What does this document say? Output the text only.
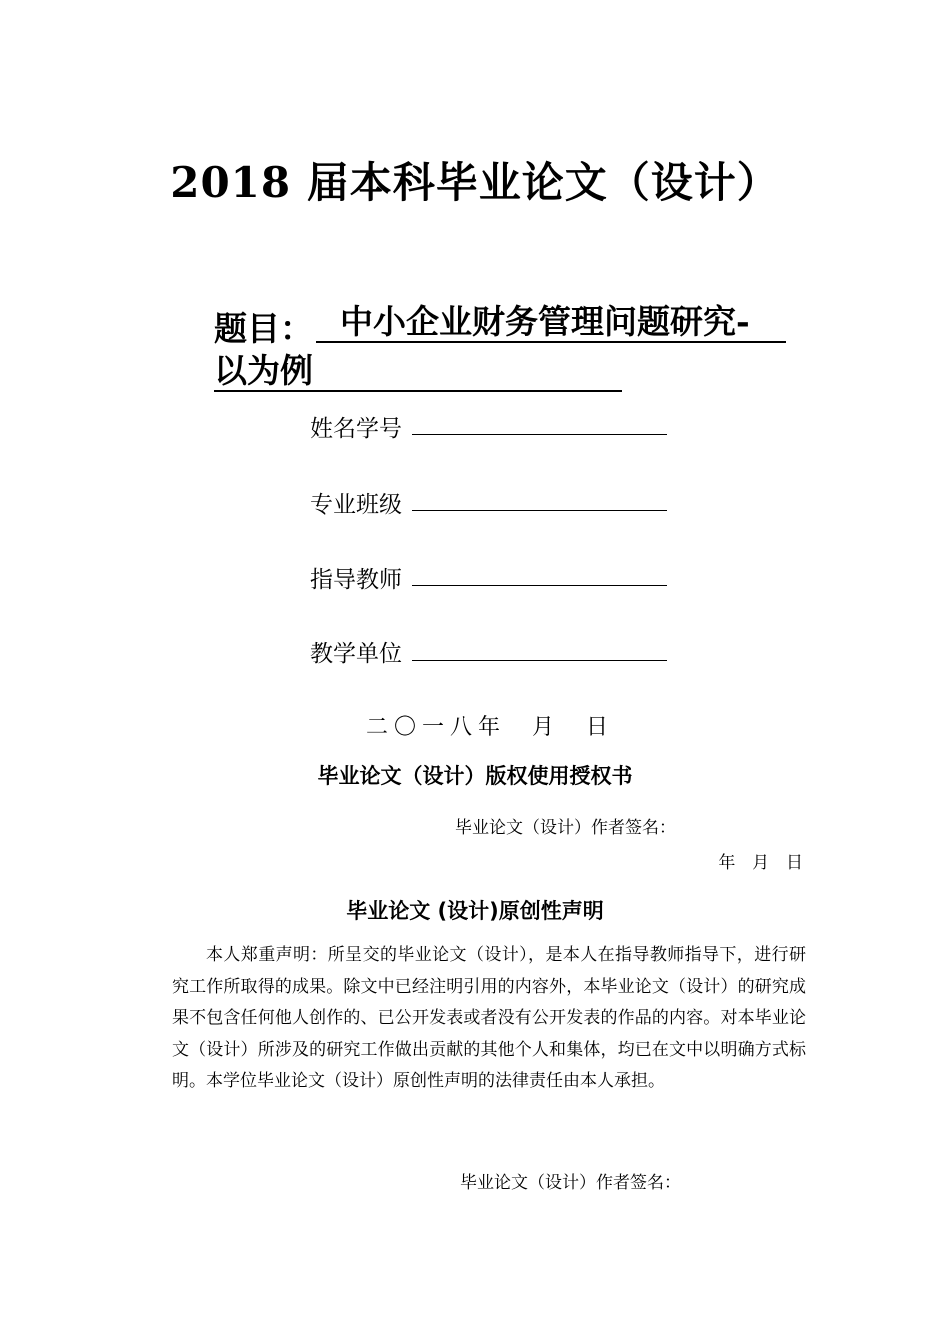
2018 届本科毕业论文（设计）
题目： 中小企业财务管理问题研究-
以为例
姓名学号
专业班级
指导教师
教学单位
二〇一八年  月  日
毕业论文（设计）版权使用授权书
毕业论文（设计）作者签名：
年  月  日
毕业论文 (设计)原创性声明
本人郑重声明：所呈交的毕业论文（设计），是本人在指导教师指导下，进行研究工作所取得的成果。除文中已经注明引用的内容外，本毕业论文（设计）的研究成果不包含任何他人创作的、已公开发表或者没有公开发表的作品的内容。对本毕业论文（设计）所涉及的研究工作做出贡献的其他个人和集体，均已在文中以明确方式标明。本学位毕业论文（设计）原创性声明的法律责任由本人承担。
毕业论文（设计）作者签名：
